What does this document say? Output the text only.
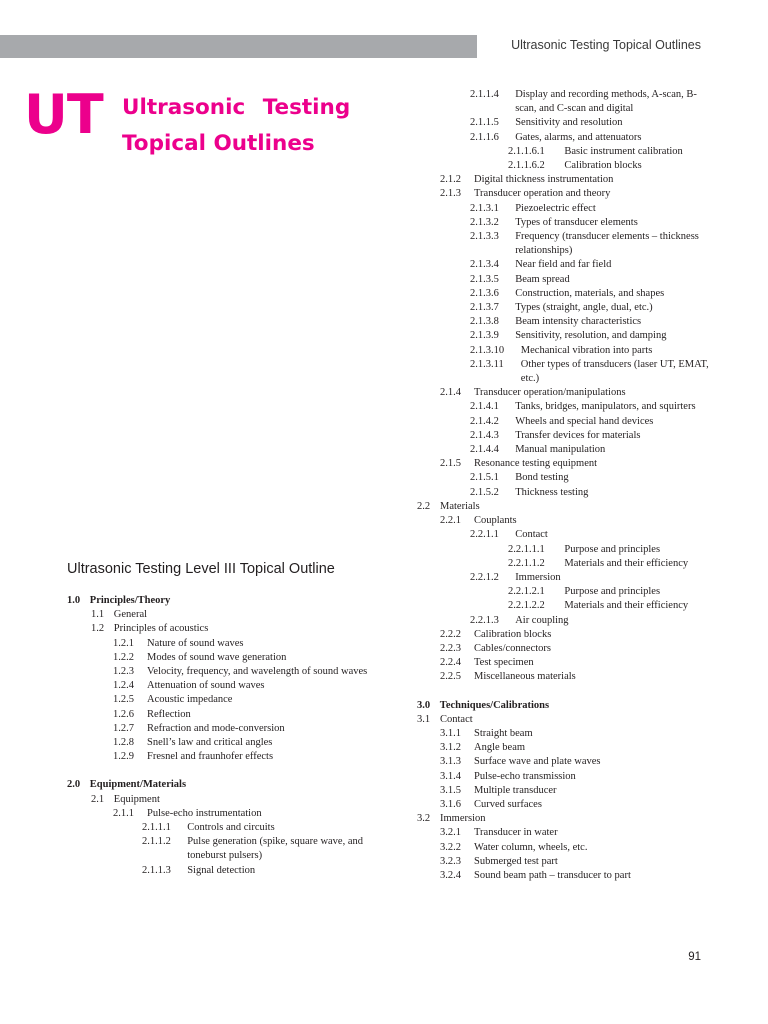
Ultrasonic Testing Topical Outlines
UT Ultrasonic Testing
Topical Outlines
Ultrasonic Testing Level III Topical Outline
1.0 Principles/Theory
1.1 General
1.2 Principles of acoustics
1.2.1	Nature of sound waves
1.2.2	Modes of sound wave generation
1.2.3	Velocity, frequency, and wavelength of sound waves
1.2.4	Attenuation of sound waves
1.2.5	Acoustic impedance
1.2.6	Reflection
1.2.7	Refraction and mode-conversion
1.2.8	Snell’s law and critical angles
1.2.9	Fresnel and fraunhofer effects
2.0 Equipment/Materials
2.1 Equipment
2.1.1	Pulse-echo instrumentation
2.1.1.1	Controls and circuits
2.1.1.2	Pulse generation (spike, square wave, and toneburst pulsers)
2.1.1.3	Signal detection
2.1.1.4	Display and recording methods, A-scan, B-scan, and C-scan and digital
2.1.1.5	Sensitivity and resolution
2.1.1.6	Gates, alarms, and attenuators
2.1.1.6.1	Basic instrument calibration
2.1.1.6.2	Calibration blocks
2.1.2	Digital thickness instrumentation
2.1.3	Transducer operation and theory
2.1.3.1	Piezoelectric effect
2.1.3.2	Types of transducer elements
2.1.3.3	Frequency (transducer elements – thickness relationships)
2.1.3.4	Near field and far field
2.1.3.5	Beam spread
2.1.3.6	Construction, materials, and shapes
2.1.3.7	Types (straight, angle, dual, etc.)
2.1.3.8	Beam intensity characteristics
2.1.3.9	Sensitivity, resolution, and damping
2.1.3.10	Mechanical vibration into parts
2.1.3.11	Other types of transducers (laser UT, EMAT, etc.)
2.1.4	Transducer operation/manipulations
2.1.4.1	Tanks, bridges, manipulators, and squirters
2.1.4.2	Wheels and special hand devices
2.1.4.3	Transfer devices for materials
2.1.4.4	Manual manipulation
2.1.5	Resonance testing equipment
2.1.5.1	Bond testing
2.1.5.2	Thickness testing
2.2 Materials
2.2.1	Couplants
2.2.1.1	Contact
2.2.1.1.1	Purpose and principles
2.2.1.1.2	Materials and their efficiency
2.2.1.2	Immersion
2.2.1.2.1	Purpose and principles
2.2.1.2.2	Materials and their efficiency
2.2.1.3	Air coupling
2.2.2	Calibration blocks
2.2.3	Cables/connectors
2.2.4	Test specimen
2.2.5	Miscellaneous materials
3.0 Techniques/Calibrations
3.1 Contact
3.1.1	Straight beam
3.1.2	Angle beam
3.1.3	Surface wave and plate waves
3.1.4	Pulse-echo transmission
3.1.5	Multiple transducer
3.1.6	Curved surfaces
3.2 Immersion
3.2.1	Transducer in water
3.2.2	Water column, wheels, etc.
3.2.3	Submerged test part
3.2.4	Sound beam path – transducer to part
91
